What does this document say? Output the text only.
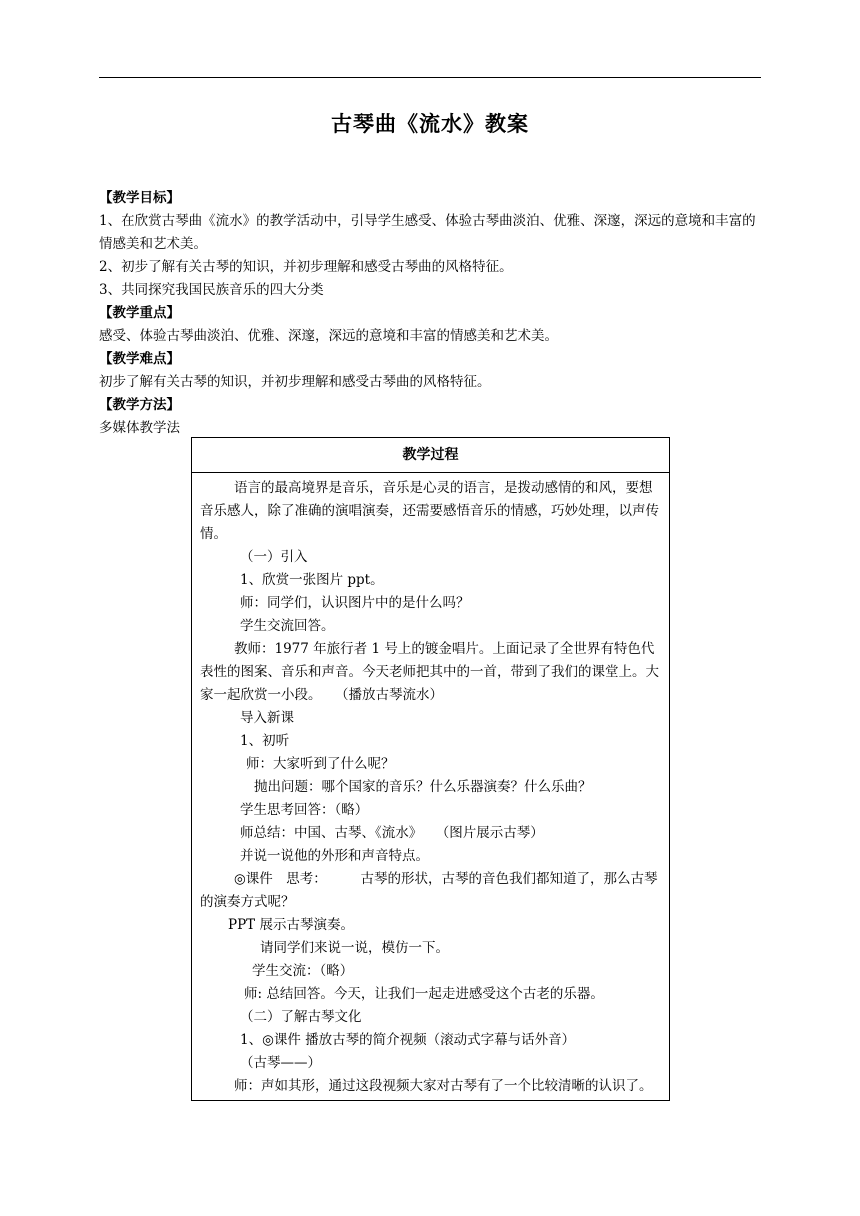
古琴曲《流水》教案

【教学目标】

1、在欣赏古琴曲《流水》的教学活动中，引导学生感受、体验古琴曲淡泊、优雅、深邃，深远的意境和丰富的情感美和艺术美。

2、初步了解有关古琴的知识，并初步理解和感受古琴曲的风格特征。

3、共同探究我国民族音乐的四大分类

【教学重点】

感受、体验古琴曲淡泊、优雅、深邃，深远的意境和丰富的情感美和艺术美。

【教学难点】

初步了解有关古琴的知识，并初步理解和感受古琴曲的风格特征。

【教学方法】

多媒体教学法

教学过程

语言的最高境界是音乐，音乐是心灵的语言，是拨动感情的和风，要想音乐感人，除了准确的演唱演奏，还需要感悟音乐的情感，巧妙处理，以声传情。

（一）引入

1、欣赏一张图片 ppt。

师：同学们，认识图片中的是什么吗？

学生交流回答。

教师：1977 年旅行者 1 号上的镀金唱片。上面记录了全世界有特色代表性的图案、音乐和声音。今天老师把其中的一首，带到了我们的课堂上。大家一起欣赏一小段。　　（播放古琴流水）

导入新课

1、初听

师：大家听到了什么呢？

抛出问题：哪个国家的音乐？什么乐器演奏？什么乐曲？

学生思考回答：（略）

师总结：中国、古琴、《流水》　　（图片展示古琴）

并说一说他的外形和声音特点。

◎课件　思考：　　　古琴的形状，古琴的音色我们都知道了，那么古琴的演奏方式呢？

PPT 展示古琴演奏。

请同学们来说一说，模仿一下。

学生交流：（略）

师: 总结回答。今天，让我们一起走进感受这个古老的乐器。

（二）了解古琴文化

1、◎课件 播放古琴的简介视频（滚动式字幕与话外音）

（古琴——）

师：声如其形，通过这段视频大家对古琴有了一个比较清晰的认识了。
